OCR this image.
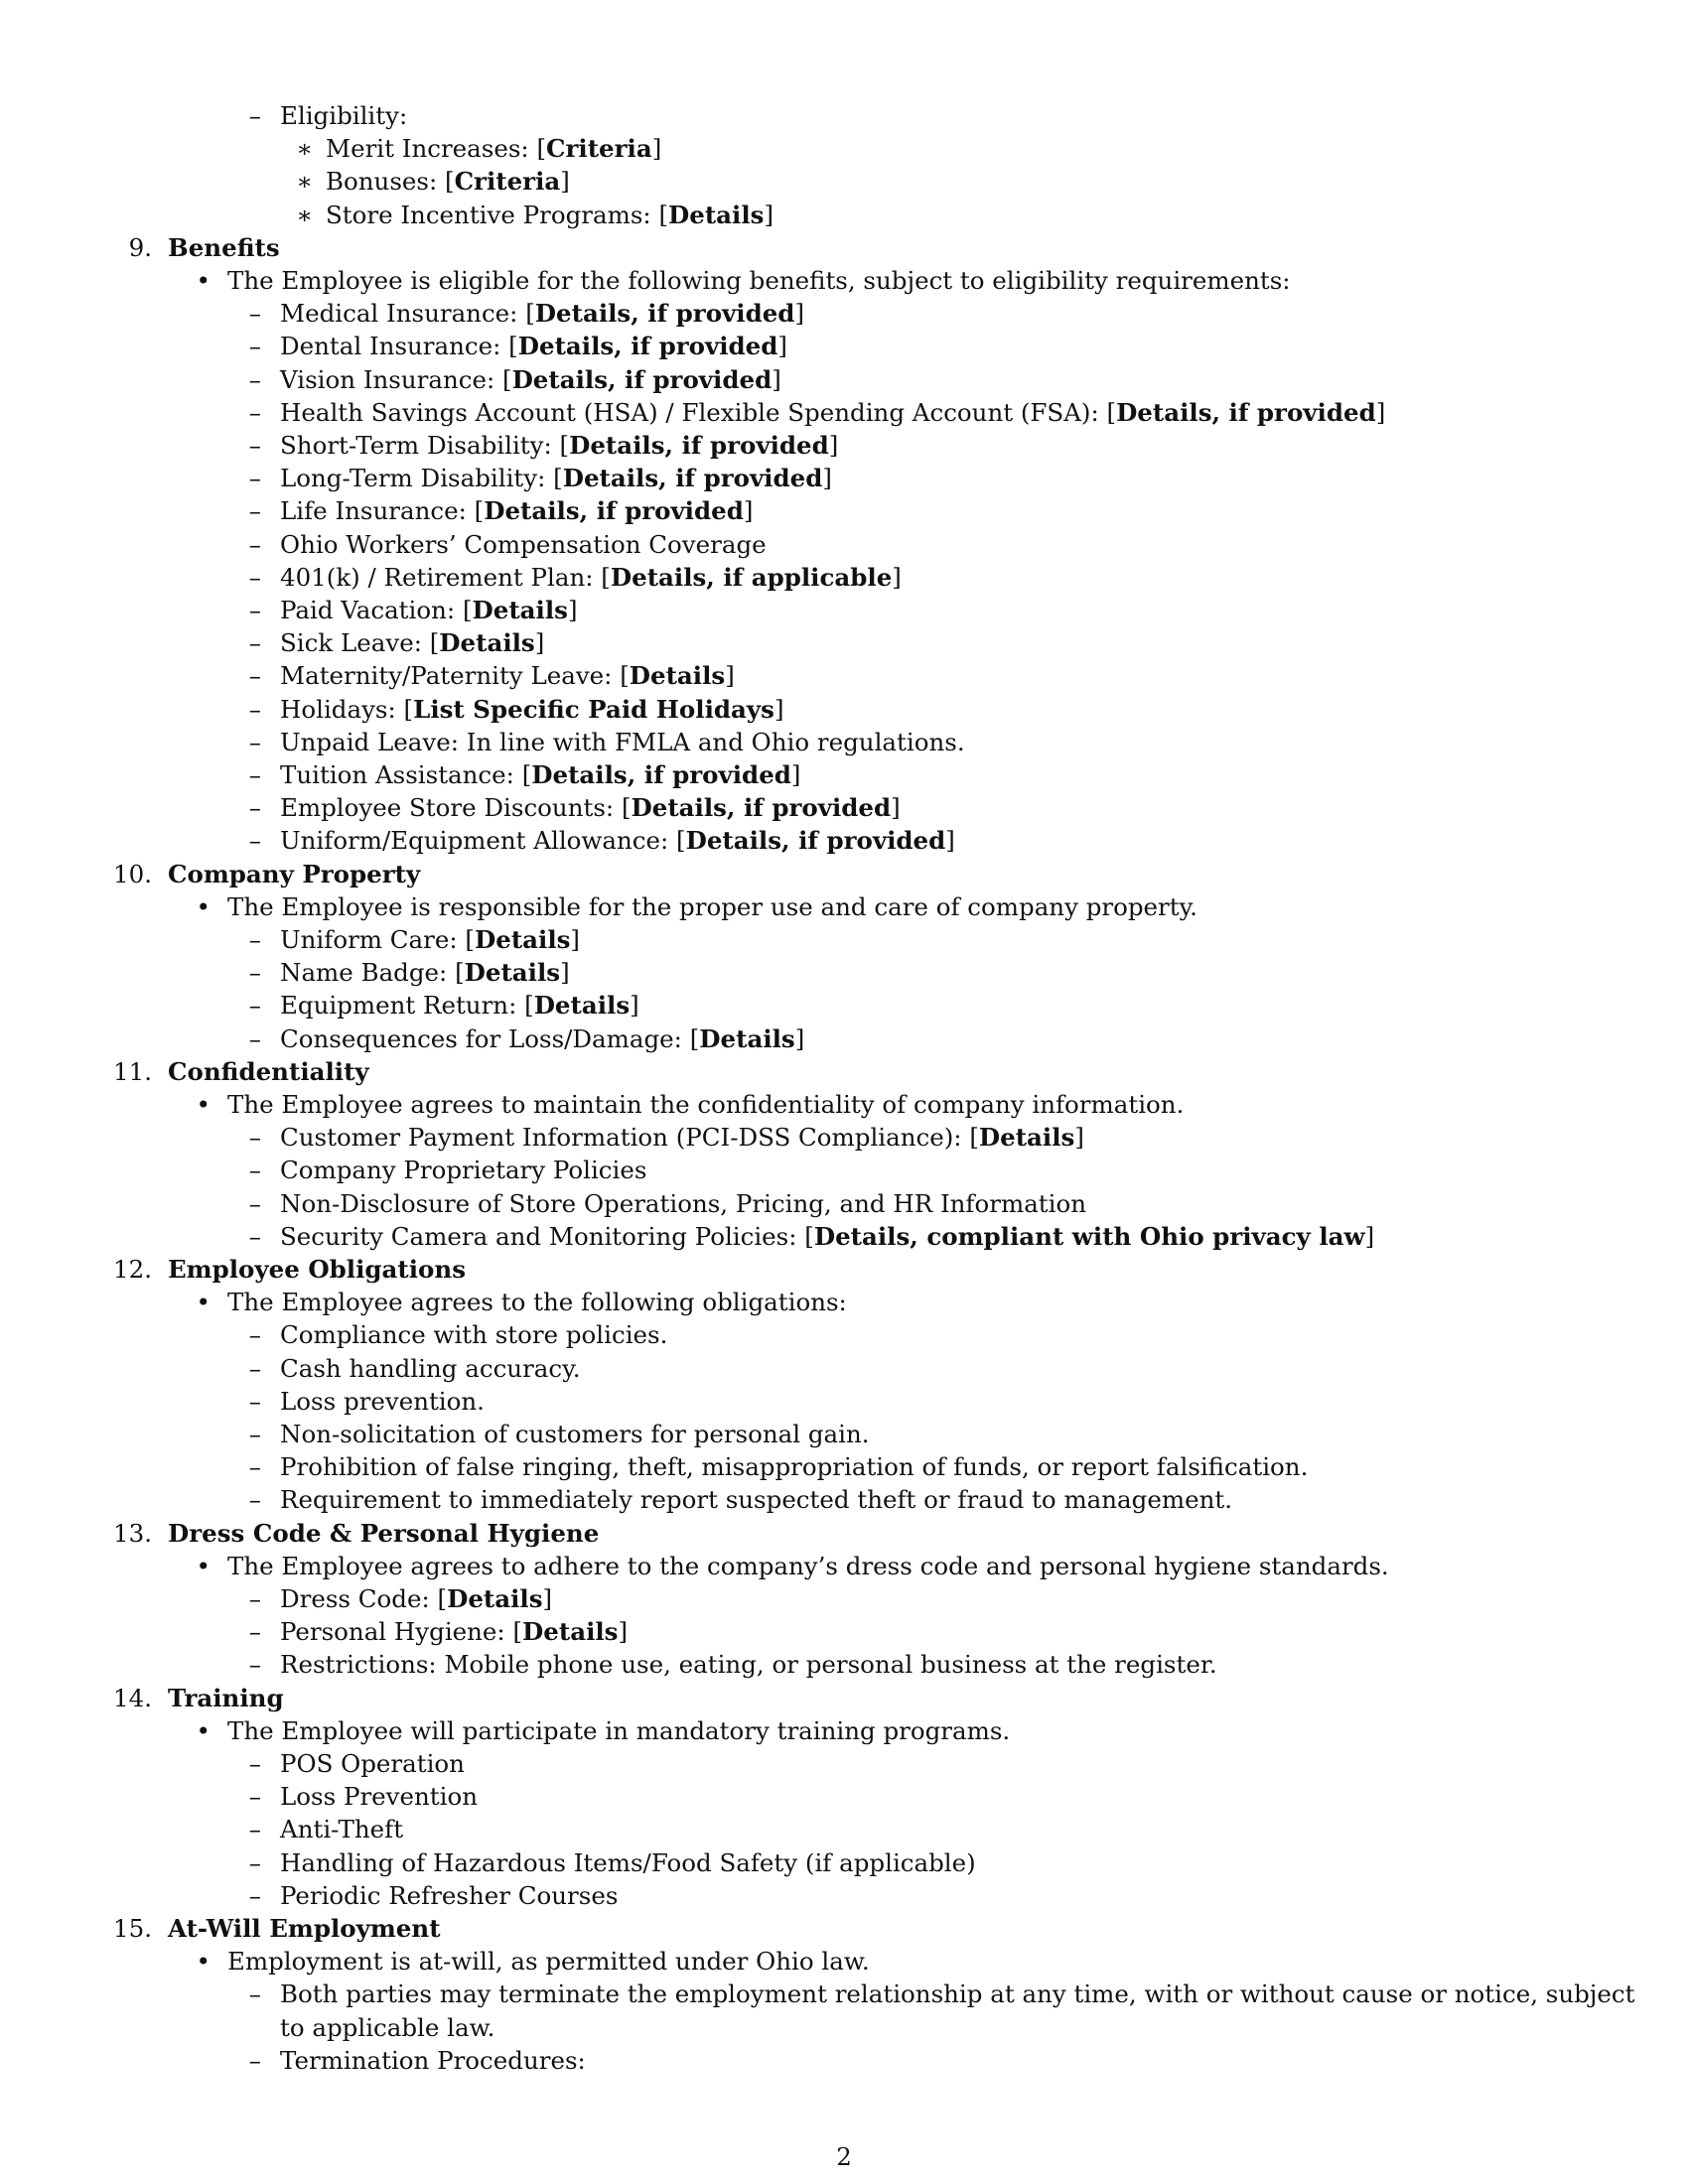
– Eligibility:
∗ Merit Increases: [Criteria]
∗ Bonuses: [Criteria]
∗ Store Incentive Programs: [Details]
9. Benefits
• The Employee is eligible for the following benefits, subject to eligibility requirements:
– Medical Insurance: [Details, if provided]
– Dental Insurance: [Details, if provided]
– Vision Insurance: [Details, if provided]
– Health Savings Account (HSA) / Flexible Spending Account (FSA): [Details, if provided]
– Short-Term Disability: [Details, if provided]
– Long-Term Disability: [Details, if provided]
– Life Insurance: [Details, if provided]
– Ohio Workers’ Compensation Coverage
– 401(k) / Retirement Plan: [Details, if applicable]
– Paid Vacation: [Details]
– Sick Leave: [Details]
– Maternity/Paternity Leave: [Details]
– Holidays: [List Specific Paid Holidays]
– Unpaid Leave: In line with FMLA and Ohio regulations.
– Tuition Assistance: [Details, if provided]
– Employee Store Discounts: [Details, if provided]
– Uniform/Equipment Allowance: [Details, if provided]
10. Company Property
• The Employee is responsible for the proper use and care of company property.
– Uniform Care: [Details]
– Name Badge: [Details]
– Equipment Return: [Details]
– Consequences for Loss/Damage: [Details]
11. Confidentiality
• The Employee agrees to maintain the confidentiality of company information.
– Customer Payment Information (PCI-DSS Compliance): [Details]
– Company Proprietary Policies
– Non-Disclosure of Store Operations, Pricing, and HR Information
– Security Camera and Monitoring Policies: [Details, compliant with Ohio privacy law]
12. Employee Obligations
• The Employee agrees to the following obligations:
– Compliance with store policies.
– Cash handling accuracy.
– Loss prevention.
– Non-solicitation of customers for personal gain.
– Prohibition of false ringing, theft, misappropriation of funds, or report falsification.
– Requirement to immediately report suspected theft or fraud to management.
13. Dress Code & Personal Hygiene
• The Employee agrees to adhere to the company’s dress code and personal hygiene standards.
– Dress Code: [Details]
– Personal Hygiene: [Details]
– Restrictions: Mobile phone use, eating, or personal business at the register.
14. Training
• The Employee will participate in mandatory training programs.
– POS Operation
– Loss Prevention
– Anti-Theft
– Handling of Hazardous Items/Food Safety (if applicable)
– Periodic Refresher Courses
15. At-Will Employment
• Employment is at-will, as permitted under Ohio law.
– Both parties may terminate the employment relationship at any time, with or without cause or notice, subject
to applicable law.
– Termination Procedures:
2
